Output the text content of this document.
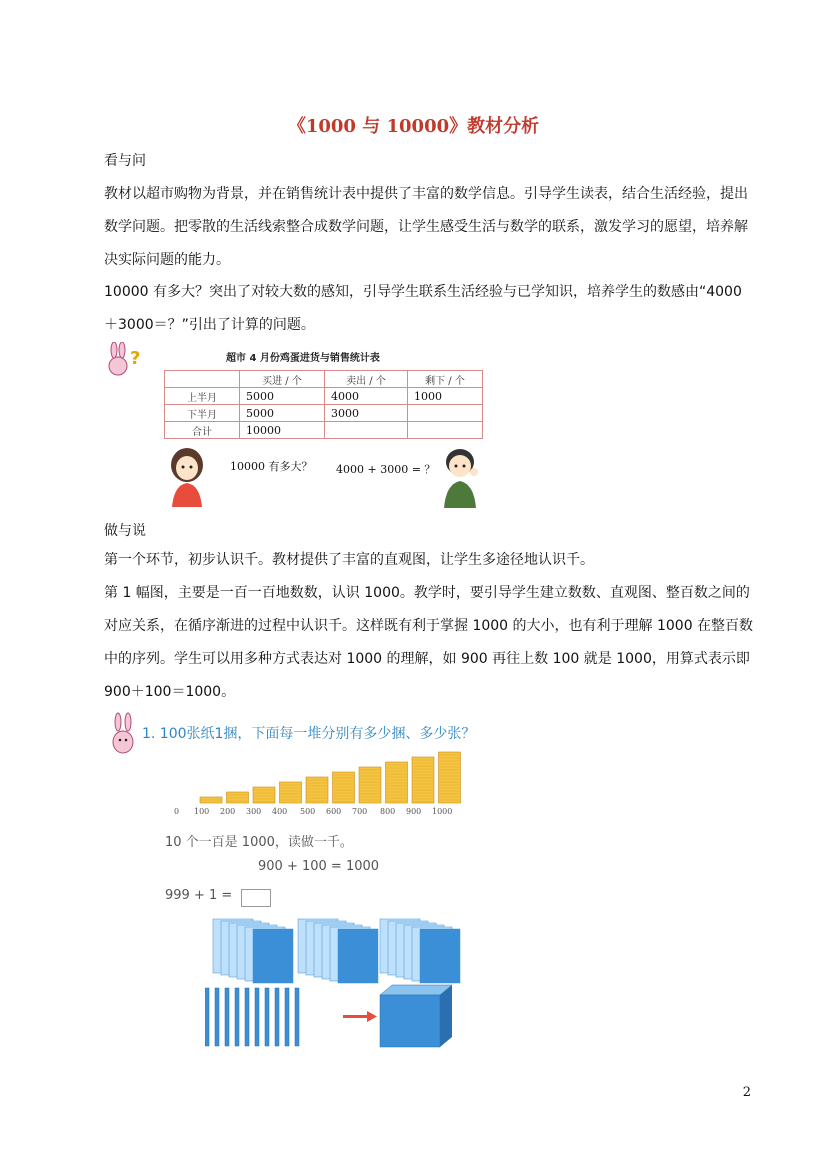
《1000 与 10000》教材分析
看与问

教材以超市购物为背景，并在销售统计表中提供了丰富的数学信息。引导学生读表，结合生活经验，提出数学问题。把零散的生活线索整合成数学问题，让学生感受生活与数学的联系，激发学习的愿望，培养解决实际问题的能力。

10000 有多大？突出了对较大数的感知，引导学生联系生活经验与已学知识，培养学生的数感由“4000＋3000＝？”引出了计算的问题。

?	超市 4 月份鸡蛋进货与销售统计表
	买进 / 个	卖出 / 个	剩下 / 个
上半月	5000	4000	1000
下半月	5000	3000	
合计	10000		
10000 有多大？ 4000 + 3000 = ？
做与说

第一个环节，初步认识千。教材提供了丰富的直观图，让学生多途径地认识千。

第 1 幅图，主要是一百一百地数数，认识 1000。教学时，要引导学生建立数数、直观图、整百数之间的对应关系，在循序渐进的过程中认识千。这样既有利于掌握 1000 的大小，也有利于理解 1000 在整百数中的序列。学生可以用多种方式表达对 1000 的理解，如 900 再往上数 100 就是 1000，用算式表示即 900＋100＝1000。

1. 100张纸1捆，下面每一堆分别有多少捆、多少张？
0 100 200 300 400 500 600 700 800 900 1000
10 个一百是 1000，读做一千。
900 + 100 = 1000
999 + 1 =
2
